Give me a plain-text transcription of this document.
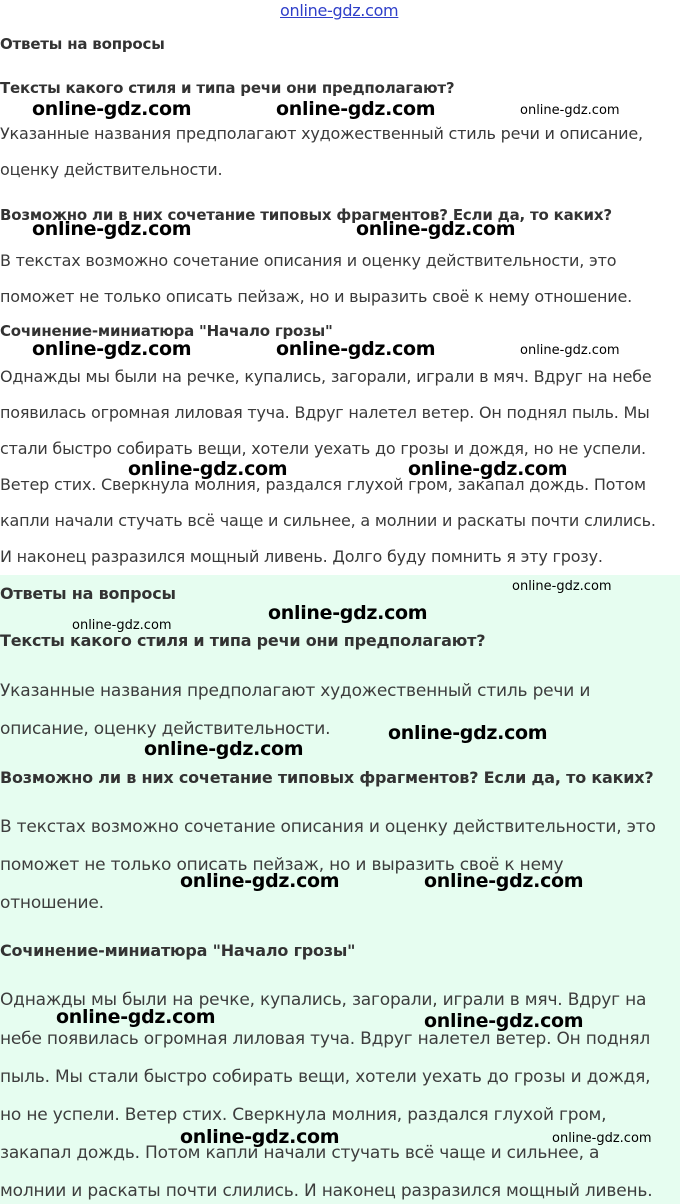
online-gdz.com
Ответы на вопросы
Тексты какого стиля и типа речи они предполагают?
Указанные названия предполагают художественный стиль речи и описание,
оценку действительности.
Возможно ли в них сочетание типовых фрагментов? Если да, то каких?
В текстах возможно сочетание описания и оценку действительности, это
поможет не только описать пейзаж, но и выразить своё к нему отношение.
Сочинение-миниатюра "Начало грозы"
Однажды мы были на речке, купались, загорали, играли в мяч. Вдруг на небе
появилась огромная лиловая туча. Вдруг налетел ветер. Он поднял пыль. Мы
стали быстро собирать вещи, хотели уехать до грозы и дождя, но не успели.
Ветер стих. Сверкнула молния, раздался глухой гром, закапал дождь. Потом
капли начали стучать всё чаще и сильнее, а молнии и раскаты почти слились.
И наконец разразился мощный ливень. Долго буду помнить я эту грозу.
Ответы на вопросы
Тексты какого стиля и типа речи они предполагают?
Указанные названия предполагают художественный стиль речи и
описание, оценку действительности.
Возможно ли в них сочетание типовых фрагментов? Если да, то каких?
В текстах возможно сочетание описания и оценку действительности, это
поможет не только описать пейзаж, но и выразить своё к нему
отношение.
Сочинение-миниатюра "Начало грозы"
Однажды мы были на речке, купались, загорали, играли в мяч. Вдруг на
небе появилась огромная лиловая туча. Вдруг налетел ветер. Он поднял
пыль. Мы стали быстро собирать вещи, хотели уехать до грозы и дождя,
но не успели. Ветер стих. Сверкнула молния, раздался глухой гром,
закапал дождь. Потом капли начали стучать всё чаще и сильнее, а
молнии и раскаты почти слились. И наконец разразился мощный ливень.
online-gdz.com	online-gdz.com	online-gdz.com
online-gdz.com	online-gdz.com
online-gdz.com	online-gdz.com	online-gdz.com
online-gdz.com	online-gdz.com
online-gdz.com
online-gdz.com
online-gdz.com
online-gdz.com
online-gdz.com
online-gdz.com	online-gdz.com
online-gdz.com	online-gdz.com
online-gdz.com	online-gdz.com
